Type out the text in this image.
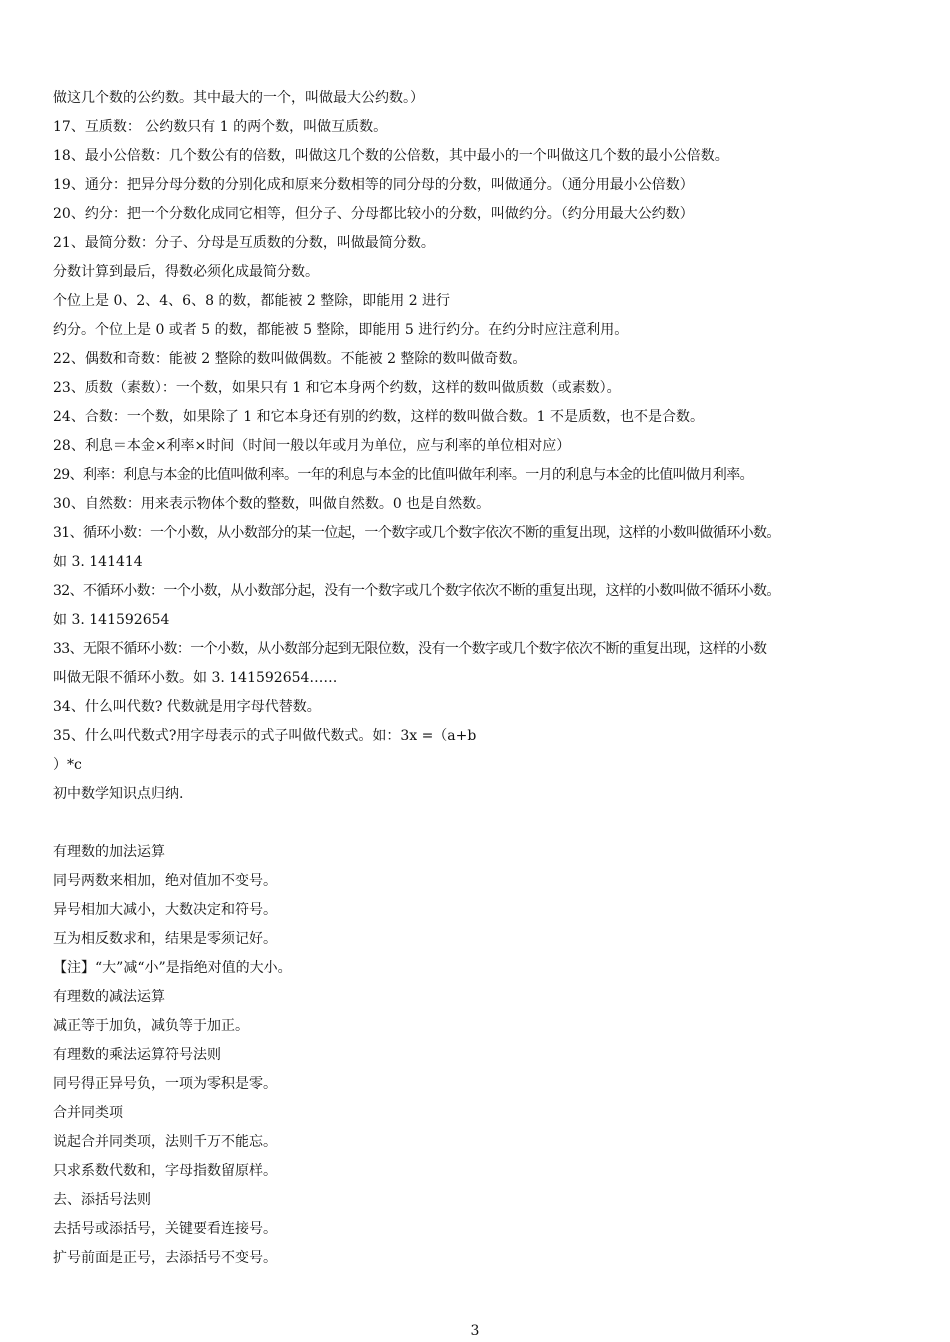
做这几个数的公约数。其中最大的一个，叫做最大公约数。）
17、互质数： 公约数只有 1 的两个数，叫做互质数。
18、最小公倍数：几个数公有的倍数，叫做这几个数的公倍数，其中最小的一个叫做这几个数的最小公倍数。
19、通分：把异分母分数的分别化成和原来分数相等的同分母的分数，叫做通分。（通分用最小公倍数）
20、约分：把一个分数化成同它相等，但分子、分母都比较小的分数，叫做约分。（约分用最大公约数）
21、最简分数：分子、分母是互质数的分数，叫做最简分数。
分数计算到最后，得数必须化成最简分数。
个位上是 0、2、4、6、8 的数，都能被 2 整除，即能用 2 进行
约分。个位上是 0 或者 5 的数，都能被 5 整除，即能用 5 进行约分。在约分时应注意利用。
22、偶数和奇数：能被 2 整除的数叫做偶数。不能被 2 整除的数叫做奇数。
23、质数（素数）：一个数，如果只有 1 和它本身两个约数，这样的数叫做质数（或素数）。
24、合数：一个数，如果除了 1 和它本身还有别的约数，这样的数叫做合数。1 不是质数，也不是合数。
28、利息＝本金×利率×时间（时间一般以年或月为单位，应与利率的单位相对应）
29、利率：利息与本金的比值叫做利率。一年的利息与本金的比值叫做年利率。一月的利息与本金的比值叫做月利率。
30、自然数：用来表示物体个数的整数，叫做自然数。0 也是自然数。
31、循环小数：一个小数，从小数部分的某一位起，一个数字或几个数字依次不断的重复出现，这样的小数叫做循环小数。
如 3. 141414
32、不循环小数：一个小数，从小数部分起，没有一个数字或几个数字依次不断的重复出现，这样的小数叫做不循环小数。
如 3. 141592654
33、无限不循环小数：一个小数，从小数部分起到无限位数，没有一个数字或几个数字依次不断的重复出现，这样的小数
叫做无限不循环小数。如 3. 141592654……
34、什么叫代数? 代数就是用字母代替数。
35、什么叫代数式?用字母表示的式子叫做代数式。如：3x =（a+b
）*c
初中数学知识点归纳.
有理数的加法运算
同号两数来相加，绝对值加不变号。
异号相加大减小，大数决定和符号。
互为相反数求和，结果是零须记好。
【注】“大”减“小”是指绝对值的大小。
有理数的减法运算
减正等于加负，减负等于加正。
有理数的乘法运算符号法则
同号得正异号负，一项为零积是零。
合并同类项
说起合并同类项，法则千万不能忘。
只求系数代数和，字母指数留原样。
去、添括号法则
去括号或添括号，关键要看连接号。
扩号前面是正号，去添括号不变号。
3
